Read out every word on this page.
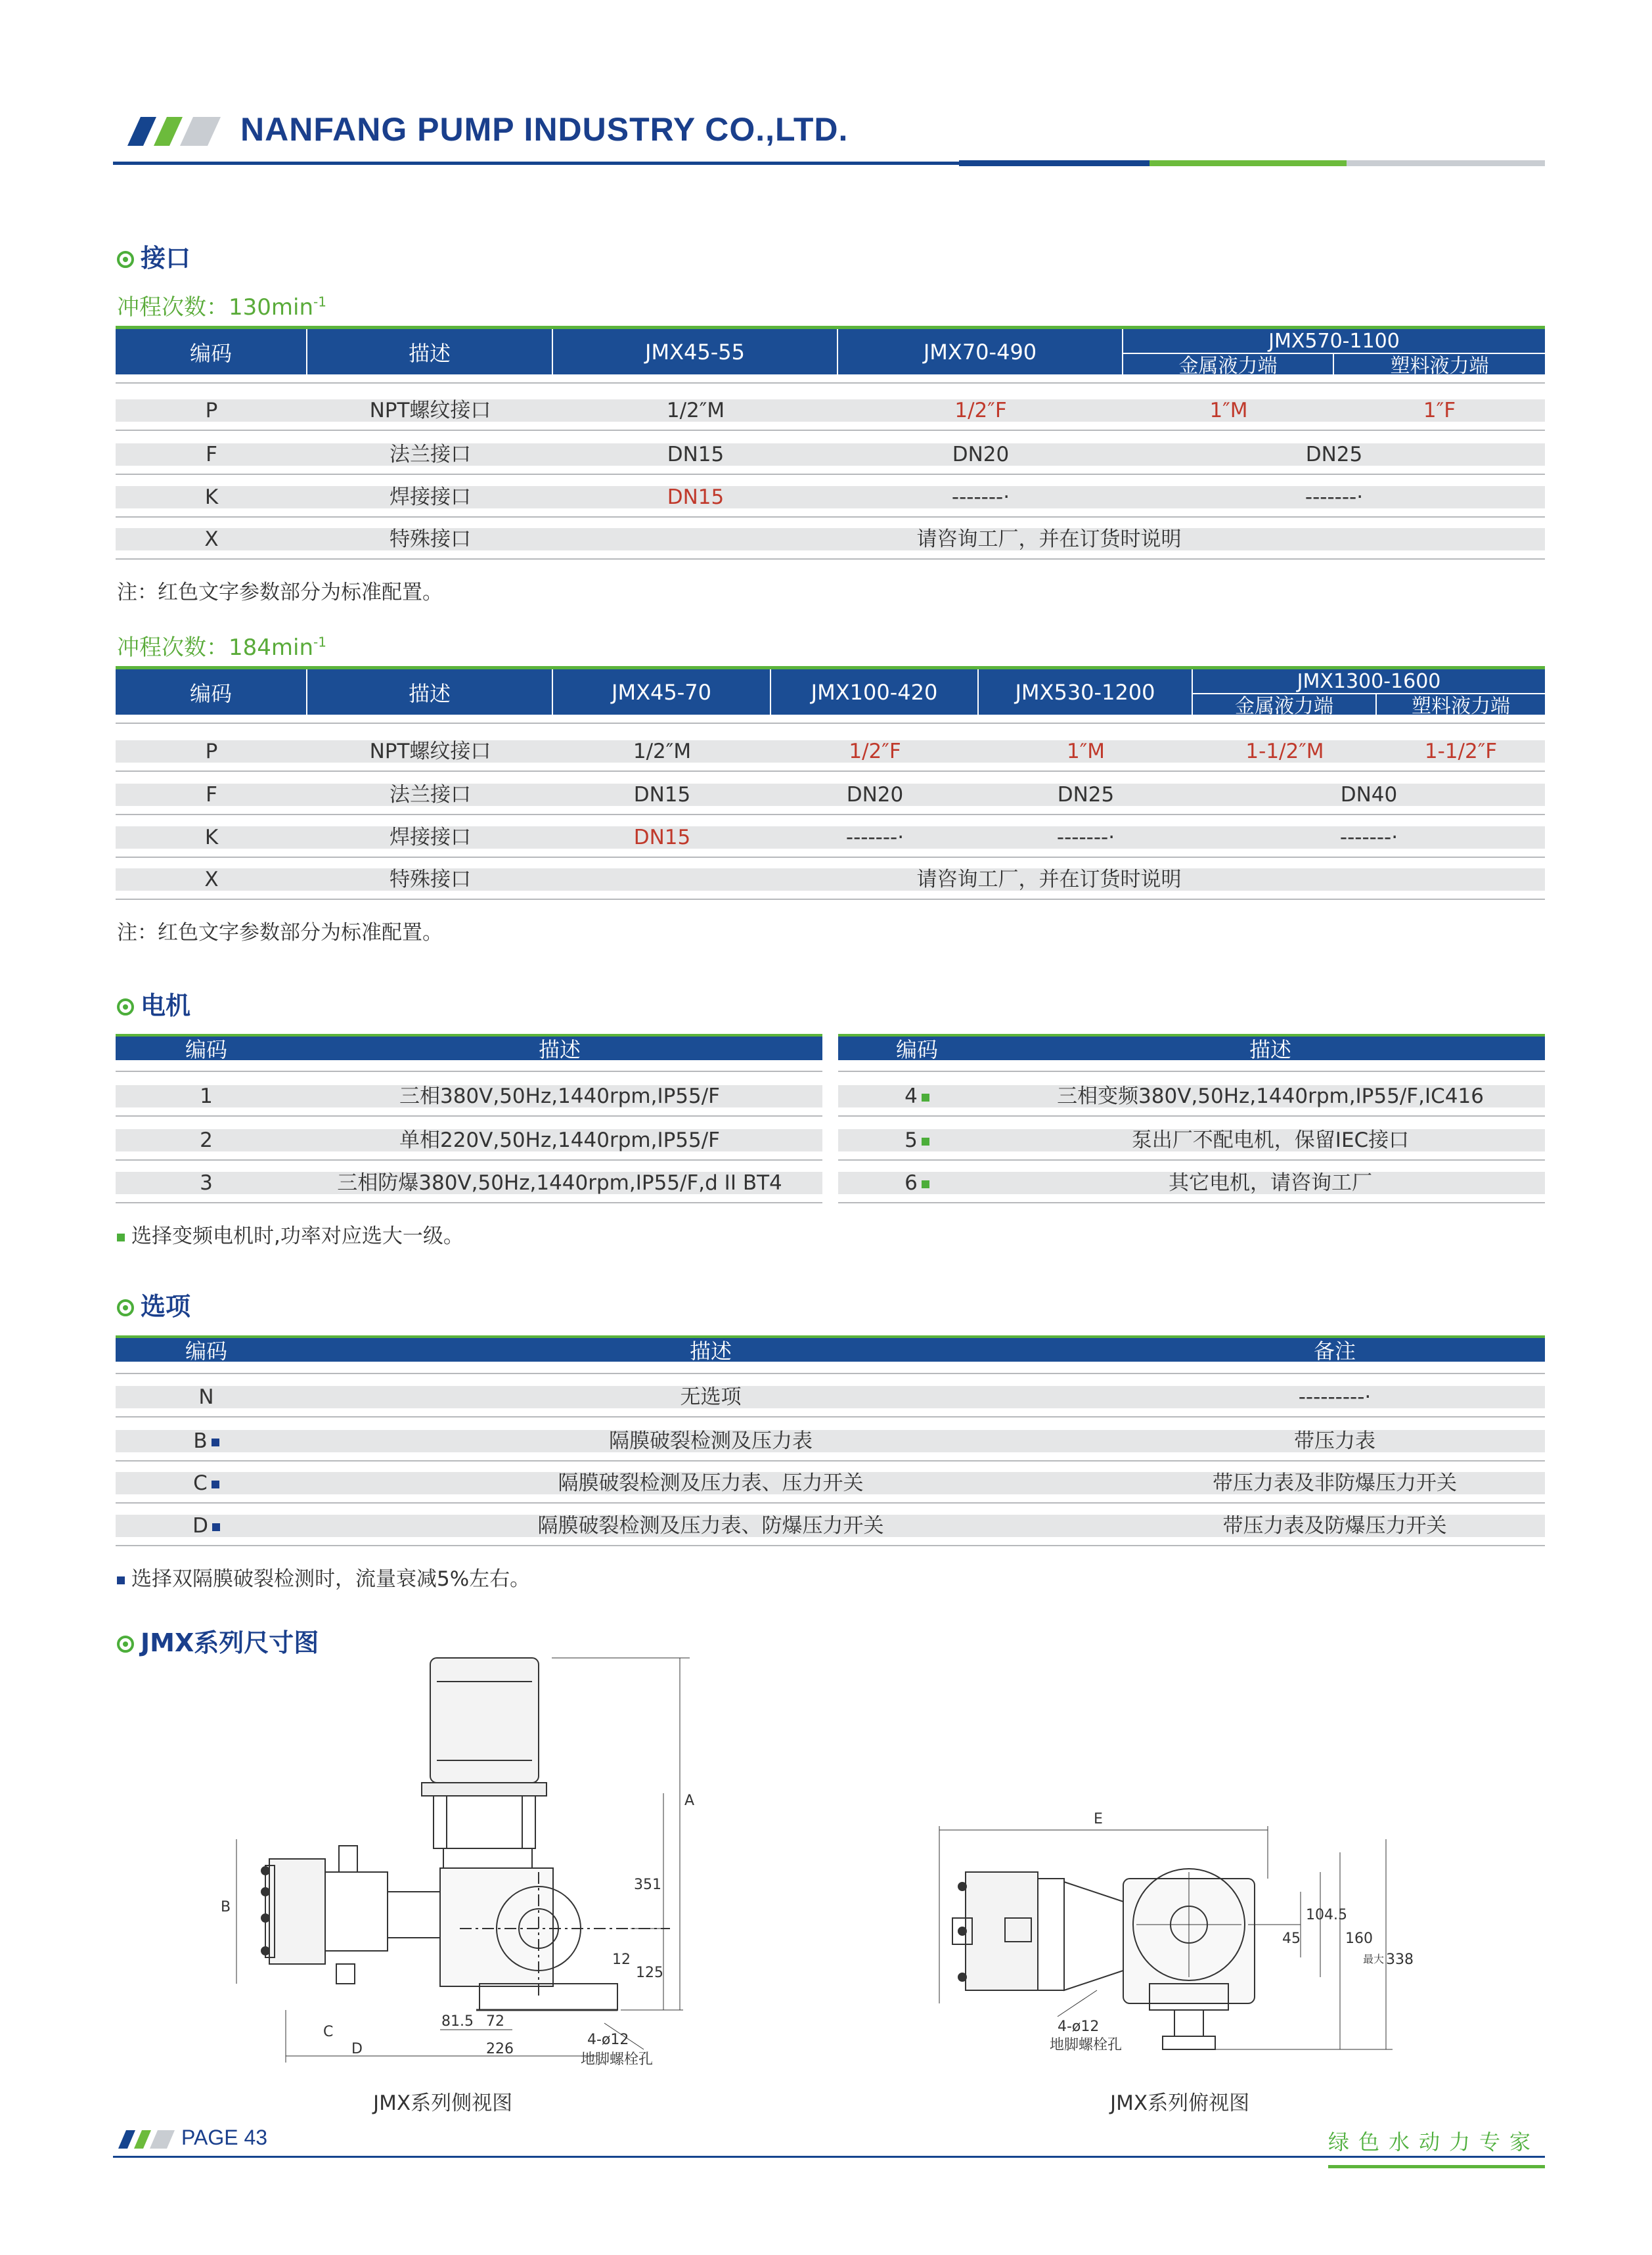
NANFANG PUMP INDUSTRY CO.,LTD.
接口
冲程次数：$130\min^{-1}$
编码	描述	JMX45-55	JMX70-490	JMX570-1100
金属液力端	塑料液力端
P	NPT螺纹接口	1/2″M	1/2″F	1″M	1″F
F	法兰接口	DN15	DN20	DN25
K	焊接接口	DN15	-------·	-------·
X	特殊接口	请咨询工厂，并在订货时说明
注：红色文字参数部分为标准配置。
冲程次数：$184\min^{-1}$
编码	描述	JMX45-70	JMX100-420	JMX530-1200	JMX1300-1600
金属液力端	塑料液力端
P	NPT螺纹接口	1/2″M	1/2″F	1″M	1-1/2″M	1-1/2″F
F	法兰接口	DN15	DN20	DN25	DN40
K	焊接接口	DN15	-------·	-------·	-------·
X	特殊接口	请咨询工厂，并在订货时说明
注：红色文字参数部分为标准配置。
电机
编码	描述	编码	描述
1	三相380V,50Hz,1440rpm,IP55/F
2	单相220V,50Hz,1440rpm,IP55/F
3	三相防爆380V,50Hz,1440rpm,IP55/F,d II BT4
4	三相变频380V,50Hz,1440rpm,IP55/F,IC416
5	泵出厂不配电机，保留IEC接口
6	其它电机，请咨询工厂
选择变频电机时,功率对应选大一级。
选项
编码	描述	备注
N	无选项	---------·
B	隔膜破裂检测及压力表	带压力表
C	隔膜破裂检测及压力表、压力开关	带压力表及非防爆压力开关
D	隔膜破裂检测及压力表、防爆压力开关	带压力表及防爆压力开关
选择双隔膜破裂检测时，流量衰减5%左右。
JMX系列尺寸图
A
351
12
125
B
C
D
81.5 72
226
4-ø12
地脚螺栓孔
JMX系列侧视图
E
104.5
45	160
最大 338
4-ø12
地脚螺栓孔
JMX系列俯视图
PAGE 43	绿色水动力专家
